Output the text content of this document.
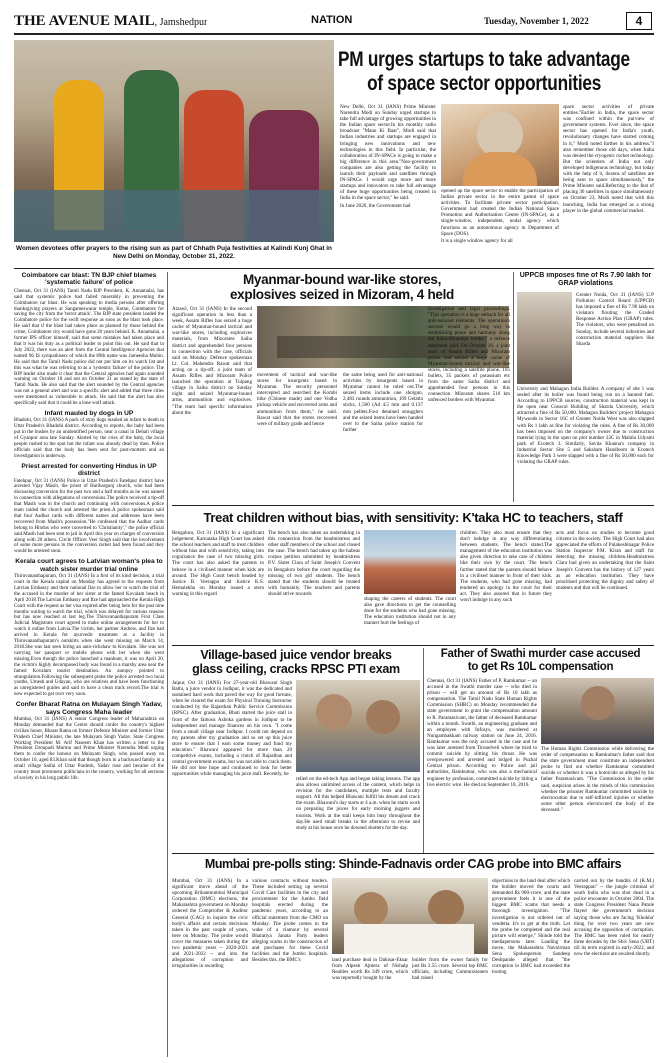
THE AVENUE MAIL, Jamshedpur	NATION	Tuesday, November 1, 2022	4
Women devotees offer prayers to the rising sun as part of Chhath Puja festivities at Kalindi Kunj Ghat in New Delhi on Monday, October 31, 2022.
PM urges startups to take advantage
of space sector opportunities

New Delhi, Oct 31 (IANS) Prime Minister Narendra Modi on Sunday urged startups to take full advantage of growing opportunities in the Indian space sector.In his monthly radio broadcast "Mann Ki Baat", Modi said that Indian industries and startups are engaged in bringing new innovations and new technologies in this field. In particular, the collaboration of IN-SPACe is going to make a big difference in this area."Non-government companies are also getting the facility to launch their payloads and satellites through IN-SPACe. I would urge more and more startups and innovators to take full advantage of these huge opportunities being created in India in the space sector," he said.

In June 2020, the Government had

opened up the space sector to enable the participation of Indian private sector in the entire gamut of space activities. To facilitate private sector participation, Government had created the Indian National Space Promotion and Authorisation Centre (IN-SPACe), as a single-window, independent, nodal agency which functions as an autonomous agency in Department of Space (DOS).

It is a single window agency for all

space sector activities of private entities."Earlier in India, the space sector was confined within the purview of government systems. Ever since, the space sector has opened for India's youth, revolutionary changes have started coming in it," Modi noted further in his address."I also remember those old days, when India was denied the cryogenic rocket technology. But the scientists of India not only developed indigenous technology, but today with the help of it, dozens of satellites are being sent to space simultaneously," the Prime Minister said.Referring to the feat of placing 36 satellites in space simultaneously on October 23, Modi noted that with this launching, India has emerged as a strong player in the global commercial market.

Coimbatore car blast: TN BJP chief blames 'systematic failure' of police
Chennai, Oct 31 (IANS) Tamil Nadu BJP President, K. Annamalai, has said that systemic police had failed miserably in preventing the Coimbatore car blast. He was speaking to media persons after offering thanksgiving prayers at Sangameswarar temple, Kottai, Coimbatore for saving the city from the 'terror attack'. The BJP state president lauded the Coimbatore police for the swift response as soon as the blast took place. He said that if the blast had taken place as planned by those behind the crime, Coimbatore city would have gone 20 years behind. K. Annamalai, a former IPS officer himself, said that some mistakes had taken place and that it was his duty as a political leader to point this out. He said that in July 2022, there was an alert from the Central Intelligence Agencies that named 96 IS sympathisers of which the 89th name was Jameesha Mubin. He said that the Tamil Nadu police did not put him on its watch list and this was what he was referring to as a 'systemic failure' of the police. The BJP leader also made it clear that the Central agencies had again sounded warning on October 18 and not on October 21 as stated by the state of Tamil Nadu. He also said that the alert sounded by the Central agencies was not a general alert and was a specific alert and added that three cities were mentioned as vulnerable to attack. He said that the alert has also specifically said that it could be a lone wolf attack.
Infant mauled by dogs in UP
Bhadohi, Oct 31 (IANS) A pack of stray dogs mauled an infant to death in Uttar Pradesh's Bhadohi district. According to reports, the baby had been put in the bushes by an unidentified person, near a canal in Dehati village of Gyanpur area late Sunday. Alerted by the cries of the baby, the local people rushed to the spot but the infant was already dead by then. Police officials said that the body has been sent for post-mortem and an investigation is underway.
Priest arrested for converting Hindus in UP district
Fatehpur, Oct 31 (IANS) Police in Uttar Pradesh's Fatehpur district have arrested Vijay Masih, the priest of Harihargunj church, who had been discussing conversion for the past two and a half months as he was named in connection with allegations of conversions.The police received a tip-off that Masih was in the church and continuing with conversions.A police team raided the church and arrested the priest.A police spokesman said that four Aadhar cards with different names and addresses have been recovered from Masih's possession."He confessed that the Aadhar cards belong to Hindus who were converted to 'Christianity'," the police official said.Masih had been sent to jail in April this year on charges of conversion along with 20 others. Circle Officer Veer Singh said that the involvement of some more persons in the conversion racket had been found and they would be arrested soon.
Kerala court agrees to Latvian woman's plea to watch sister murder trial online
Thiruvananthapuram, Oct 31 (IANS) In a first of its kind decision, a trial court in the Kerala capital on Monday has agreed to the requests from Latvian Embassy and their national Ilze to allow her to watch the trial of the accused in the murder of her sister at the famed Kovalam beach in April 2018.The Latvian Embassy and Ilze had approached the Kerala High Court with the request as her visa expired after being here for the past nine months waiting to watch the trial, which was delayed for various reasons but has now reached at last leg.The Thiruvananthapuram First Class Judicial Magistrate court agreed to make online arrangements for her to watch it online from Latvia.The victim, her partner Andrew, and Ilze had arrived in Kerala for ayurvedic treatment at a facility in Thiruvananthapuram's outskirts when she went missing on March 14, 2018.She was last seen hiring an auto-rickshaw to Kovalam. She was not carrying her passport or mobile phone with her when she went missing.Even though the police launched a manhunt, it was on April 20, the victim's highly decomposed body was found in a marshy area near the famed Kovalam tourist destination. An autopsy pointed to strangulation.Following the subsequent probe the police arrested two local youths, Umesh and Udayan, who are relatives and have been functioning as unregistered guides and said to have a clean track record.The trial is now expected to get over very soon.
Confer Bharat Ratna on Mulayam Singh Yadav, says Congress Maha leader
Mumbai, Oct 31 (IANS) A senior Congress leader of Maharashtra on Monday demanded that the Centre should confer the country's highest civilian honor, Bharat Ratna on former Defence Minister and former Uttar Pradesh Chief Minister, the late Mulayam Singh Yadav. State Congress Working President M. Arif Naseem Khan has written a letter to the President Droupadi Murmu and Prime Minister Narendra Modi urging them to confer the honour on Mulayam Singh, who passed away on October 10, aged 83.Khan said that though born in a backward family in a small village Saifai of Uttar Pradesh, Yadav rose and became of the country most prominent politicians in the country, working for all sections of society in his long public life.
Myanmar-bound war-like stores,
explosives seized in Mizoram, 4 held
Aizawl, Oct 31 (IANS) In the second significant operation in less than a week, Assam Rifles has seized a huge cache of Myanmar-bound tactical and war-like stores, including explosives materials, from Mizorams Saiha district and apprehended four persons in connection with the case, officials said on Monday. Defence spokesman Lt. Col. Mahendra Rawat said that acting on a tip-off, a joint team of Assam Rifles and Mizoram Police launched the operation at Tuipang village in Saiha district on Sunday night and seized Myanmar-bound arms, ammunition and explosives. "The team had specific information about the
movement of tactical and war-like stores for insurgents based in Myanmar. The security personnel intercepted and searched the Kombi bike (Chinese made) and one Vodha pickup vehicle and recovered arms and ammunition from them," he said. Rawat said that the stores recovered were of military grade and hence
the same being used for anti-national activities by insurgents based in Myanmar cannot be ruled out.The seized items include one shotgun, 2,483 rounds ammunition, 169 Gelatin sticks, 1,500 (Ad 4.5 mm and 0.137 mm pellets.Four detained smugglers and the seized items have been handed over to the Saiha police station for further
investigation and legal proceedings. "This operation is a huge setback for all anti-national elements. The operation's success would go a long way in establishing peace and harmony along the India-Myanmar border," a defence statement said. On October 26, a joint team of Assam Rifles and Mizoram police had seized a large cache of Myanmar-bound tactical and war-like stores, including a satellite phone, 105 bullets, 35 packets of potassium etc from the same Saiha district and apprehended four persons in this connection. Mizoram shares 510 km unfenced borders with Myanmar.
UPPCB imposes fine of Rs 7.90 lakh for GRAP violations
Greater Noida, Oct 31 (IANS) U.P Pollution Control Board (UPPCB) has imposed a fine of Rs 7.90 lakh on violators flouting the Graded Response Action Plan (GRAP) rules. The violators, who were penalised on Sunday, include several industries and construction material suppliers like Sharda
University and Mahagun India Builder. A company of site 1 was sealed after its boiler was found being run on a banned fuel. According to UPPCB sources, construction material was kept in the open near Conscol Building of Sharda University, which attracted a fine of Rs 50,000. Mahagun Builders' project Mahagun Mywoods in Sector 16C of Greater Noida West was also slapped with Rs 1 lakh as fine for violating the rules. A fine of Rs 30,000 has been imposed on the company's owner due to construction material lying in the open on plot number 33C in Mahila Udyami park of Ecotech 3. Similarly, Savita Khanna's company in Industrial Sector Site 5 and Saksham Handloom in Ecotech Knowledge Park 3 were slapped with a fine of Rs 50,000 each for violating the GRAP rules.
Treat children without bias, with sensitivity: K'taka HC to teachers, staff
Bengaluru, Oct 31 (IANS) In a significant judgement, Karnataka High Court has asked the school teachers and staff to treat children without bias and with sensitivity, taking into cognizance the case of two missing girls. The court has also asked the parents to behave in a civilised manner when kids are around. The High Court bench headed by Justice B. Veerappa and Justice K.S. Hemalekha on Monday issued a stern warning in this regard
The bench has also taken an undertaking in this connection from the headmistress and other staff members of the school and closed the case. The bench had taken up the habeas corpus petition submitted by headmistress P.V. Sister Clara of Saint Joseph's Convent in Bengaluru before the court regarding the missing of two girl students. The bench stated that the students should be treated with humanity. The teachers and parents should strive towards
shaping the careers of students. The court also gave directions to get the counselling done for the students who had gone missing. The education institution should not in any manner hurt the feelings of
children. They also must ensure that they don't indulge in any way differentiating between students. The bench stated.The management of the education institution was also given direction to take care of children like their own by the court. The bench further stated that the parents should behave in a civilised manner in front of their kids. The students, who had gone missing, had tendered an apology in the court for their act. They also assured that in future they won't indulge in any such
acts and focus on studies to become good citizens in the society. The High Court had also appreciated the efforts of Pulakeshinagar Police Station Inspector P.M. Kiran and staff for detecting the missing children.Headmistress Clara had given an undertaking that the Saint Joseph's Convent has the history of 127 years as an education institution. They have prioritised protecting the dignity and safety of students and that will be continued.
Village-based juice vendor breaks
glass ceiling, cracks RPSC PTI exam
Jaipur, Oct 31 (IANS) For 27-year-old Bhawani Singh Rathi, a juice vendor in Jodhpur, it was the dedicated and sustained hard work that paved the way for good fortune, when he cleared the exam for Physical Training Instructor conducted by the Rajasthan Public Service Commission (RPSC). After graduation, Bhati started the juice stall in front of the famous Ashoka gardens in Jodhpur to be independent and manage finances on his own. "I come from a small village near Jodhpur. I could not depend on my parents after my graduation and so set up this juice store to ensure that I earn some money and fund my education." Bhawani appeared for more than 20 competitive exams, including a clutch of Rajasthan and central government exams, but was not able to crack them. He did not lose hope and continued to look for better opportunities while managing his juice stall. Recently, he
relied on the ed-tech App and began taking lessons. The app also allows unlimited access of the content, which helps in revision for the candidates, multiple tests and faculty support. All this helped Bhawani fulfill his dream and crack the exam. Bhawani's day starts at 4 a.m. when he starts work on preparing the juices for early morning joggers and tourists. Work at the stall keeps him busy throughout the day.He used small breaks in the afternoon to revise and study at his house once he downed shutters for the day.
Father of Swathi murder case accused
to get Rs 10L compensation
Chennai, Oct 31 (IANS) Father of P. Ramkumar -- an accused in the Swathi murder case -- who died in prison -- will get an amount of Rs 10 lakh as compensation. The Tamil Nadu State Human Rights Commission (SHRC) on Monday recommended the state government to grant the compensation amount to R. Paramasivam, the father of deceased Ramkumar within a month. Swathi, an engineering graduate and an employee with Infosys, was murdered at Nungambakkam railway station on June 24, 2016. Ramkumar was the only accused in the case and he was later arrested from Tirunelveli where he tried to commit suicide by slitting his throat. He was overpowered and arrested and lodged in Puzhal Central prison. According to Police and jail authorities, Ramkumar, who was also a mechanical engineer by profession, committed suicide by biting a live electric wire. He died on September 18, 2016.
The Human Rights Commission while delivering the order of compensation to Ramkumar's father said that the state government must constitute an independent probe to find out whether Ramkumar committed suicide or whether it was a homicide as alleged by his father Paramasivam. "The Commission in the order said, suspicion arises in the minds of this commission whether the prisoner Ramkumar committed suicide by electrocution due to self-inflicted injuries or whether some other person electrocuted the body of the deceased."
Mumbai pre-polls sting: Shinde-Fadnavis order CAG probe into BMC affairs
Mumbai, Oct 31 (IANS) In a significant move ahead of the upcoming Brihanmumbai Municipal Corporation (BMC) elections, the Maharashtra government on Monday ordered the Comptroller & Auditor General (CAG) to inquire the civic body's affairs and certain decisions taken in the past couple of years, here on Monday. The probe would cover the measures taken during the two pandemic years -- 2020-2021 and 2021-2022 -- and into the allegations of corruption and irregularities in awarding
various contracts without tenders. These included setting up several Covid Care facilities in the city and procurement for the Jumbo field hospitals erected during the pandemic years, according to an official statement from the CMO on Monday. The probe comes in the wake of a clamour by several Bharatiya Janata Party leaders alleging scams in the construction of and purchases for these Covid facilities and the Jumbo hospitals. Besides this, the BMC's	land purchase deal in Dahisar-Eksar from Alpesh Ajmera of Nishalp Realties worth Rs 349 crore, which was reportedly bought by the
builder from the owner family for just Rs 2.55 crore. Several top BMC officials, including Commissioners had raised
objections to the land deal after which the builder moved the courts and demanded Rs 900-crore, and the state government feels it is one of the biggest BMC scams that needs a thorough investigation. "The investigation is not ordered out of vendetta. It's to get at the truth. Let the probe be completed and the real picture will emerge," Shinde told the mediapersons later. Lauding the move, the Maharashtra Navnirman Sena Spokesperson Sandeep Deshpande alleged that "the corruption in BMC had exceeded the looting
carried out by the bandits of (K.M.) Veerappan" -- the jungle criminal of south India who was shot dead in a police encounter in October 2004. The state Congress President Nana Patole flayed the government's decision saying those who are facing 'Khokha' thing for over two years are now accusing the opposition of corruption. The BMC has been ruled for nearly three decades by the Shiv Sena (UBT) till its term expired in early-2022, and now the elections are awaited shortly.
